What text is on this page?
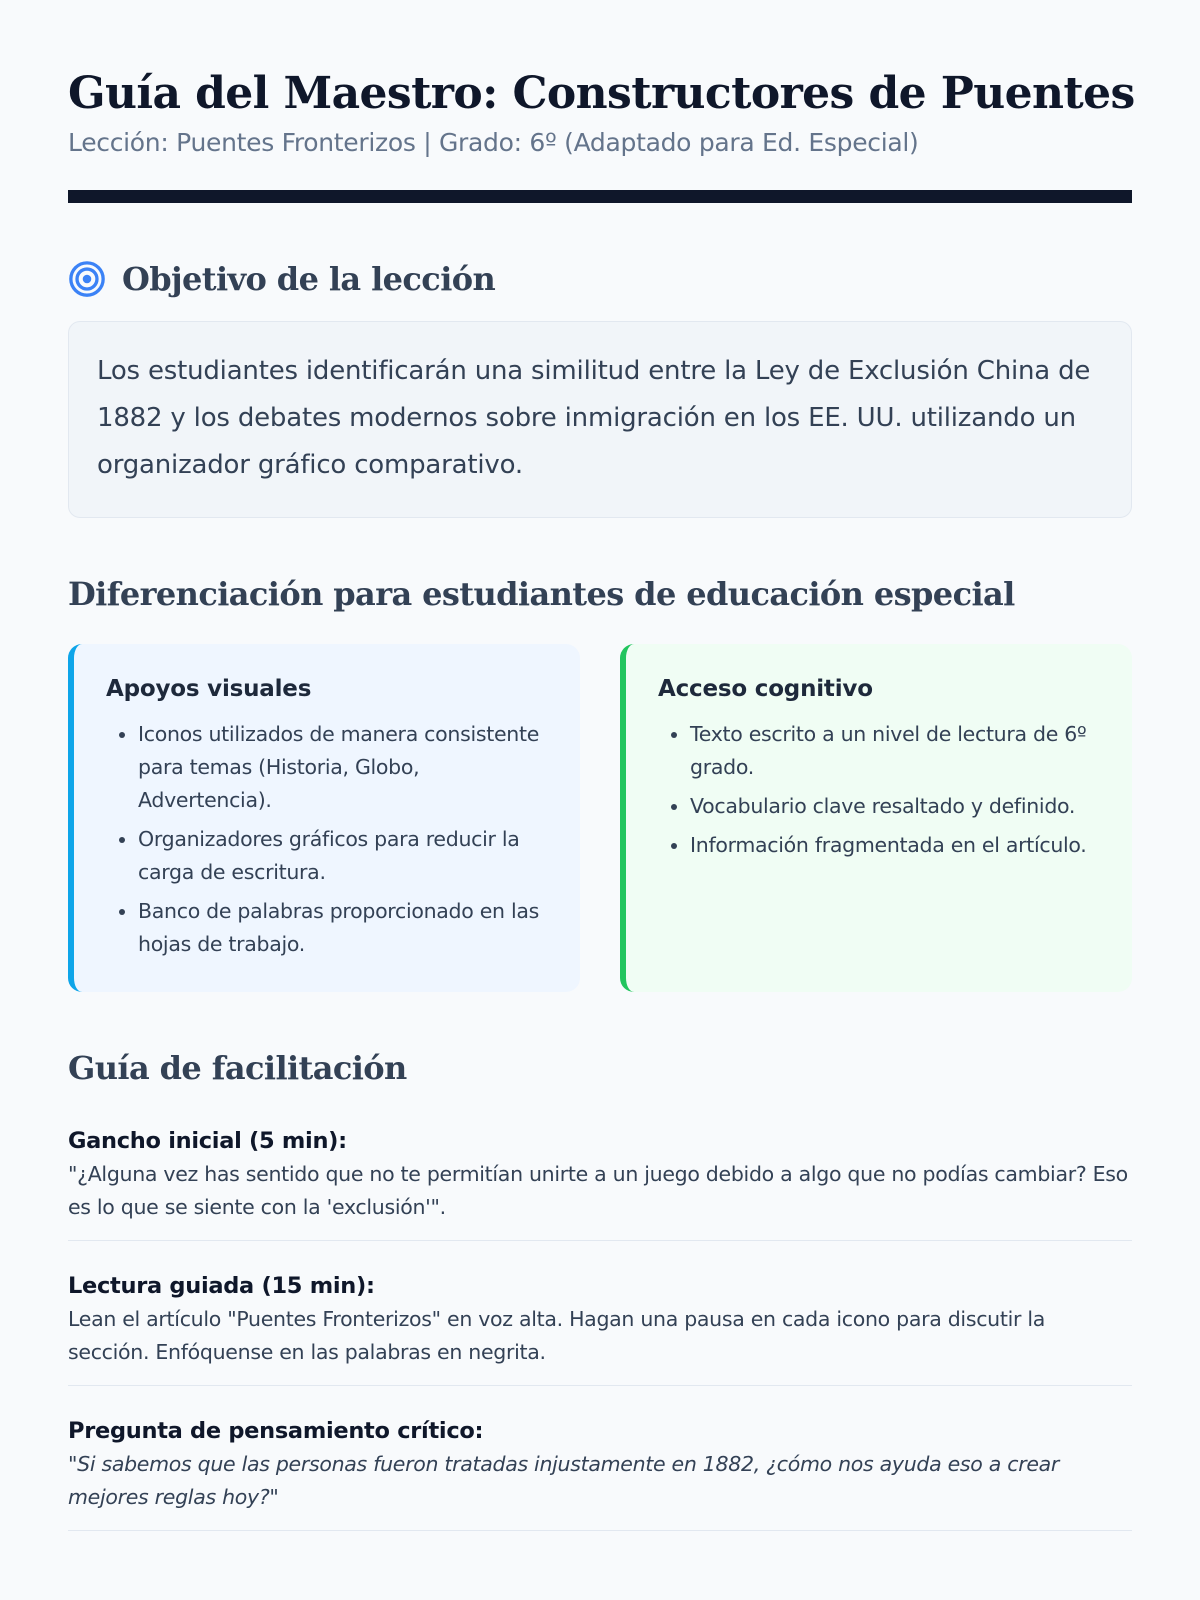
Guía del Maestro: Constructores de Puentes

Lección: Puentes Fronterizos | Grado: 6º (Adaptado para Ed. Especial)

Objetivo de la lección
Los estudiantes identificarán una similitud entre la Ley de Exclusión China de 1882 y los debates modernos sobre inmigración en los EE. UU. utilizando un organizador gráfico comparativo.
Diferenciación para estudiantes de educación especial
Apoyos visuales
• Iconos utilizados de manera consistente para temas (Historia, Globo, Advertencia).
• Organizadores gráficos para reducir la carga de escritura.
• Banco de palabras proporcionado en las hojas de trabajo.
Acceso cognitivo
• Texto escrito a un nivel de lectura de 6º grado.
• Vocabulario clave resaltado y definido.
• Información fragmentada en el artículo.
Guía de facilitación

Gancho inicial (5 min):

"¿Alguna vez has sentido que no te permitían unirte a un juego debido a algo que no podías cambiar? Eso es lo que se siente con la 'exclusión'".

Lectura guiada (15 min):

Lean el artículo "Puentes Fronterizos" en voz alta. Hagan una pausa en cada icono para discutir la sección. Enfóquense en las palabras en negrita.

Pregunta de pensamiento crítico:

"Si sabemos que las personas fueron tratadas injustamente en 1882, ¿cómo nos ayuda eso a crear mejores reglas hoy?"
